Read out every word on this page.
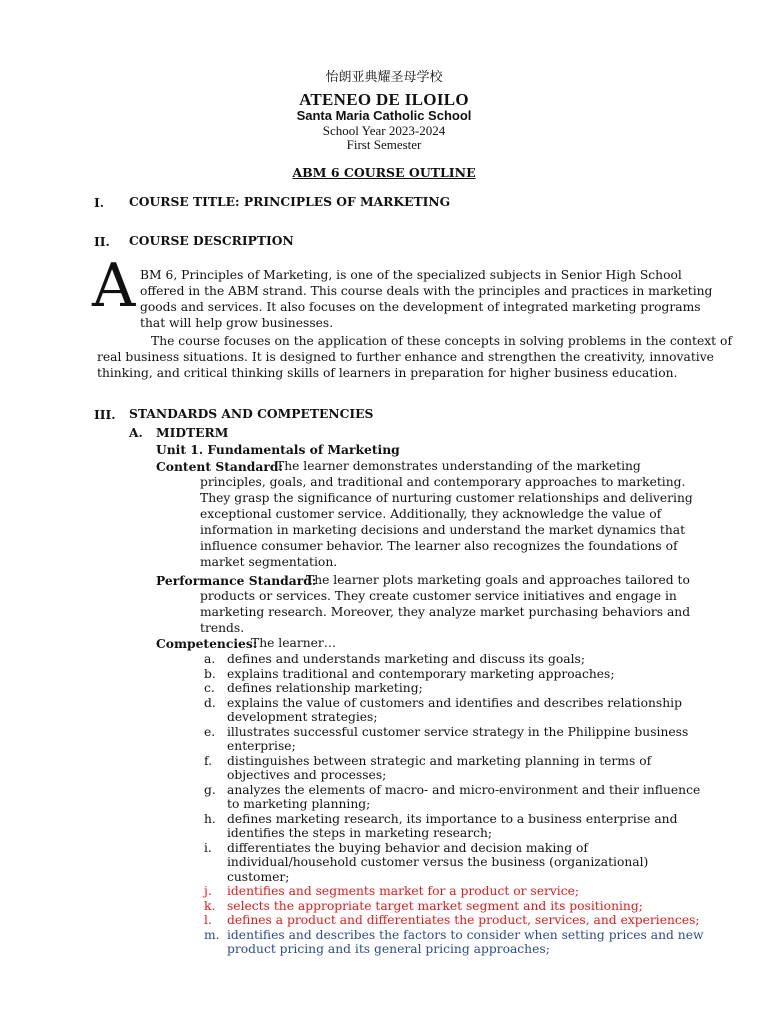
怡朗亚典耀圣母学校
ATENEO DE ILOILO
Santa Maria Catholic School
School Year 2023-2024
First Semester
ABM 6 COURSE OUTLINE
I. COURSE TITLE: PRINCIPLES OF MARKETING
II. COURSE DESCRIPTION
A BM 6, Principles of Marketing, is one of the specialized subjects in Senior High School
offered in the ABM strand. This course deals with the principles and practices in marketing
goods and services. It also focuses on the development of integrated marketing programs
that will help grow businesses.
The course focuses on the application of these concepts in solving problems in the context of
real business situations. It is designed to further enhance and strengthen the creativity, innovative
thinking, and critical thinking skills of learners in preparation for higher business education.
III. STANDARDS AND COMPETENCIES
A. MIDTERM
Unit 1. Fundamentals of Marketing
Content Standard:
The learner demonstrates understanding of the marketing
principles, goals, and traditional and contemporary approaches to marketing.
They grasp the significance of nurturing customer relationships and delivering
exceptional customer service. Additionally, they acknowledge the value of
information in marketing decisions and understand the market dynamics that
influence consumer behavior. The learner also recognizes the foundations of
market segmentation.
Performance Standard:
The learner plots marketing goals and approaches tailored to
products or services. They create customer service initiatives and engage in
marketing research. Moreover, they analyze market purchasing behaviors and
trends.
Competencies:
The learner…
a. defines and understands marketing and discuss its goals;
b. explains traditional and contemporary marketing approaches;
c. defines relationship marketing;
d. explains the value of customers and identifies and describes relationship
development strategies;
e. illustrates successful customer service strategy in the Philippine business
enterprise;
f. distinguishes between strategic and marketing planning in terms of
objectives and processes;
g. analyzes the elements of macro- and micro-environment and their influence
to marketing planning;
h. defines marketing research, its importance to a business enterprise and
identifies the steps in marketing research;
i. differentiates the buying behavior and decision making of
individual/household customer versus the business (organizational)
customer;
j. identifies and segments market for a product or service;
k. selects the appropriate target market segment and its positioning;
l. defines a product and differentiates the product, services, and experiences;
m. identifies and describes the factors to consider when setting prices and new
product pricing and its general pricing approaches;
